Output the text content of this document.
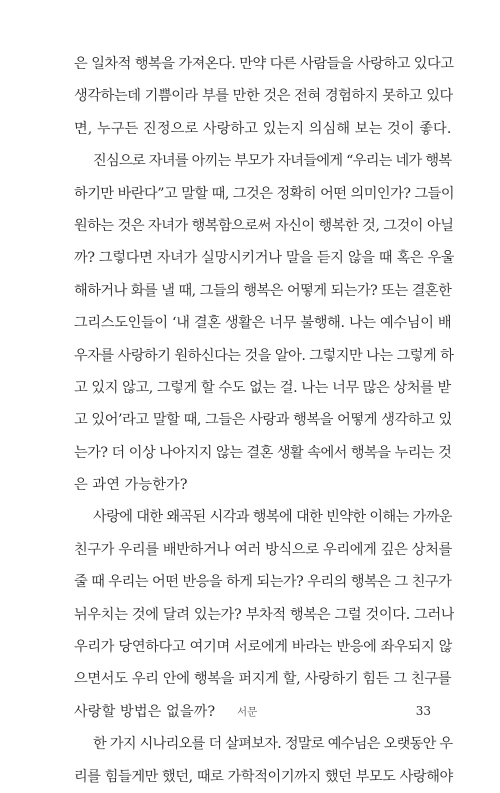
은 일차적 행복을 가져온다. 만약 다른 사람들을 사랑하고 있다고
생각하는데 기쁨이라 부를 만한 것은 전혀 경험하지 못하고 있다
면, 누구든 진정으로 사랑하고 있는지 의심해 보는 것이 좋다.
진심으로 자녀를 아끼는 부모가 자녀들에게 “우리는 네가 행복
하기만 바란다”고 말할 때, 그것은 정확히 어떤 의미인가? 그들이
원하는 것은 자녀가 행복함으로써 자신이 행복한 것, 그것이 아닐
까? 그렇다면 자녀가 실망시키거나 말을 듣지 않을 때 혹은 우울
해하거나 화를 낼 때, 그들의 행복은 어떻게 되는가? 또는 결혼한
그리스도인들이 ‘내 결혼 생활은 너무 불행해. 나는 예수님이 배
우자를 사랑하기 원하신다는 것을 알아. 그렇지만 나는 그렇게 하
고 있지 않고, 그렇게 할 수도 없는 걸. 나는 너무 많은 상처를 받
고 있어’라고 말할 때, 그들은 사랑과 행복을 어떻게 생각하고 있
는가? 더 이상 나아지지 않는 결혼 생활 속에서 행복을 누리는 것
은 과연 가능한가?
사랑에 대한 왜곡된 시각과 행복에 대한 빈약한 이해는 가까운
친구가 우리를 배반하거나 여러 방식으로 우리에게 깊은 상처를
줄 때 우리는 어떤 반응을 하게 되는가? 우리의 행복은 그 친구가
뉘우치는 것에 달려 있는가? 부차적 행복은 그럴 것이다. 그러나
우리가 당연하다고 여기며 서로에게 바라는 반응에 좌우되지 않
으면서도 우리 안에 행복을 퍼지게 할, 사랑하기 힘든 그 친구를
사랑할 방법은 없을까?
한 가지 시나리오를 더 살펴보자. 정말로 예수님은 오랫동안 우
리를 힘들게만 했던, 때로 가학적이기까지 했던 부모도 사랑해야
서문	33
